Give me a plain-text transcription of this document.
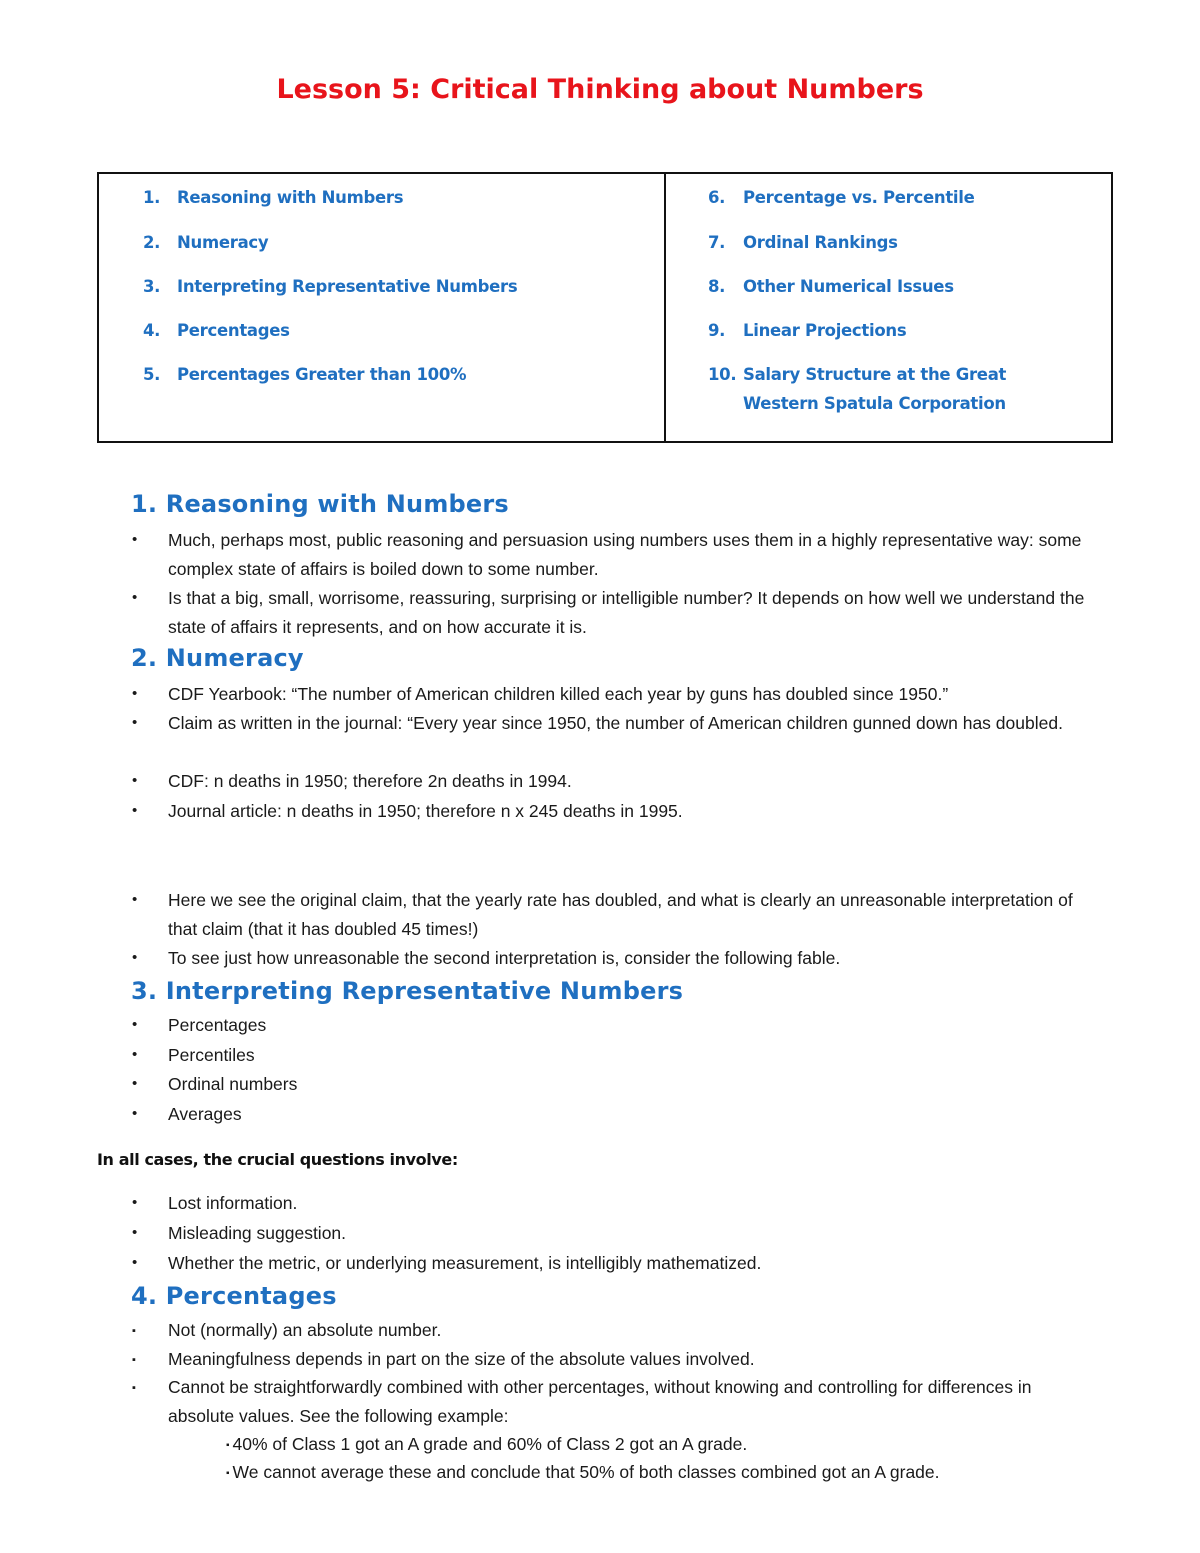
Lesson 5: Critical Thinking about Numbers
1.	Reasoning with Numbers
2.	Numeracy
3.	Interpreting Representative Numbers
4.	Percentages
5.	Percentages Greater than 100%
6.	Percentage vs. Percentile
7.	Ordinal Rankings
8.	Other Numerical Issues
9.	Linear Projections
10. Salary Structure at the Great Western Spatula Corporation
1. Reasoning with Numbers
•	Much, perhaps most, public reasoning and persuasion using numbers uses them in a highly representative way: some complex state of affairs is boiled down to some number.
•	Is that a big, small, worrisome, reassuring, surprising or intelligible number? It depends on how well we understand the state of affairs it represents, and on how accurate it is.
2. Numeracy
•	CDF Yearbook: “The number of American children killed each year by guns has doubled since 1950.”
•	Claim as written in the journal: “Every year since 1950, the number of American children gunned down has doubled.
•	CDF: n deaths in 1950; therefore 2n deaths in 1994.
•	Journal article: n deaths in 1950; therefore n x 245 deaths in 1995.
•	Here we see the original claim, that the yearly rate has doubled, and what is clearly an unreasonable interpretation of that claim (that it has doubled 45 times!)
•	To see just how unreasonable the second interpretation is, consider the following fable.
3. Interpreting Representative Numbers
•	Percentages
•	Percentiles
•	Ordinal numbers
•	Averages
In all cases, the crucial questions involve:
•	Lost information.
•	Misleading suggestion.
•	Whether the metric, or underlying measurement, is intelligibly mathematized.
4. Percentages
▪	Not (normally) an absolute number.
▪	Meaningfulness depends in part on the size of the absolute values involved.
▪	Cannot be straightforwardly combined with other percentages, without knowing and controlling for differences in absolute values. See the following example:
▪ 40% of Class 1 got an A grade and 60% of Class 2 got an A grade.
▪ We cannot average these and conclude that 50% of both classes combined got an A grade.
